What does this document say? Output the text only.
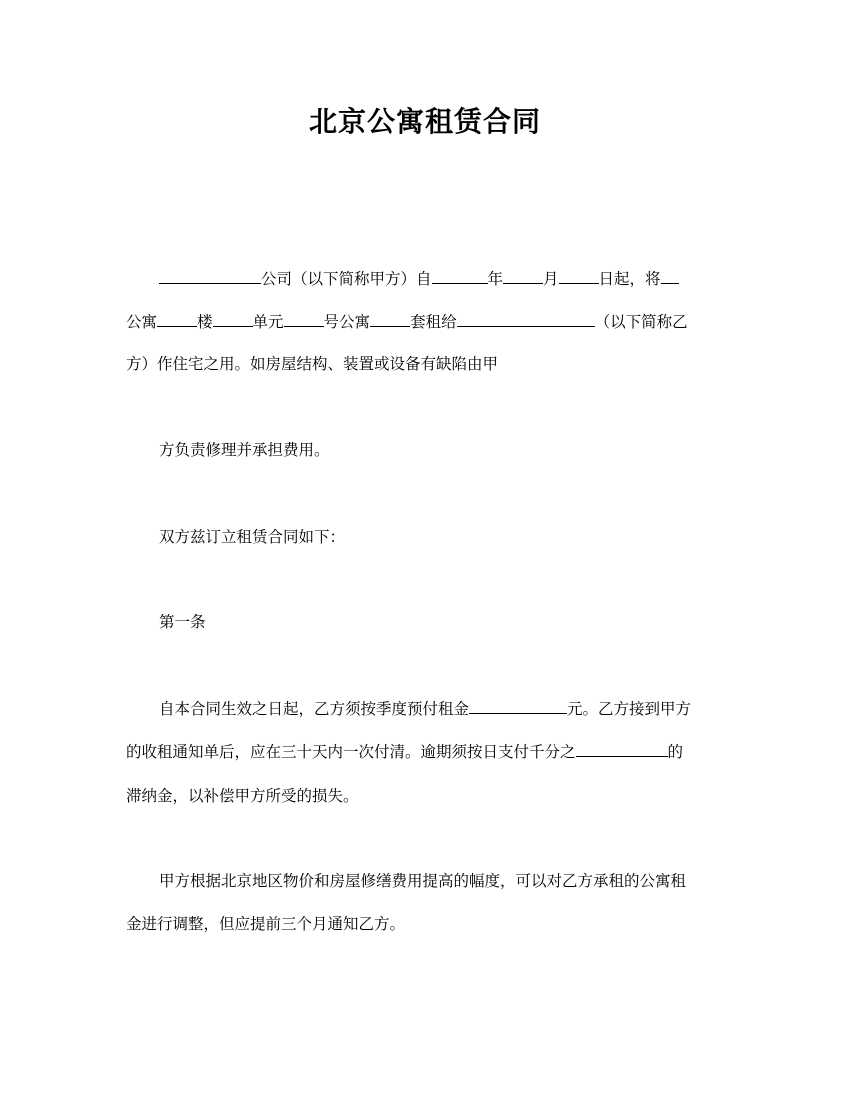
北京公寓租赁合同
公司（以下简称甲方）自	年	月	日起，将
公寓	楼	单元	号公寓	套租给	（以下简称乙
方）作住宅之用。如房屋结构、装置或设备有缺陷由甲
方负责修理并承担费用。
双方兹订立租赁合同如下：
第一条
自本合同生效之日起，乙方须按季度预付租金	元。乙方接到甲方
的收租通知单后，应在三十天内一次付清。逾期须按日支付千分之	的
滞纳金，以补偿甲方所受的损失。
甲方根据北京地区物价和房屋修缮费用提高的幅度，可以对乙方承租的公寓租
金进行调整，但应提前三个月通知乙方。
